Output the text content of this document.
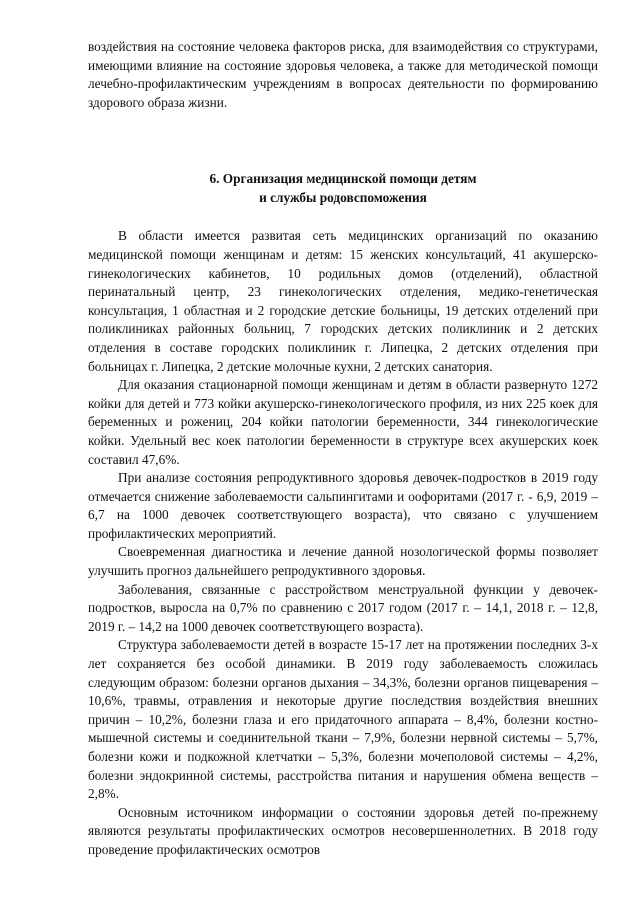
воздействия на состояние человека факторов риска, для взаимодействия со структурами, имеющими влияние на состояние здоровья человека, а также для методической помощи лечебно-профилактическим учреждениям в вопросах деятельности по формированию здорового образа жизни.

6. Организация медицинской помощи детям
и службы родовспоможения

В области имеется развитая сеть медицинских организаций по оказанию медицинской помощи женщинам и детям: 15 женских консультаций, 41 акушерско-гинекологических кабинетов, 10 родильных домов (отделений), областной перинатальный центр, 23 гинекологических отделения, медико-генетическая консультация, 1 областная и 2 городские детские больницы, 19 детских отделений при поликлиниках районных больниц, 7 городских детских поликлиник и 2 детских отделения в составе городских поликлиник г. Липецка, 2 детских отделения при больницах г. Липецка, 2 детские молочные кухни, 2 детских санатория.

Для оказания стационарной помощи женщинам и детям в области развернуто 1272 койки для детей и 773 койки акушерско-гинекологического профиля, из них 225 коек для беременных и рожениц, 204 койки патологии беременности, 344 гинекологические койки. Удельный вес коек патологии беременности в структуре всех акушерских коек составил 47,6%.

При анализе состояния репродуктивного здоровья девочек-подростков в 2019 году отмечается снижение заболеваемости сальпингитами и оофоритами (2017 г. - 6,9, 2019 – 6,7 на 1000 девочек соответствующего возраста), что связано с улучшением профилактических мероприятий.

Своевременная диагностика и лечение данной нозологической формы позволяет улучшить прогноз дальнейшего репродуктивного здоровья.

Заболевания, связанные с расстройством менструальной функции у девочек-подростков, выросла на 0,7% по сравнению с 2017 годом (2017 г. – 14,1, 2018 г. – 12,8, 2019 г. – 14,2 на 1000 девочек соответствующего возраста).

Структура заболеваемости детей в возрасте 15-17 лет на протяжении последних 3-х лет сохраняется без особой динамики. В 2019 году заболеваемость сложилась следующим образом: болезни органов дыхания – 34,3%, болезни органов пищеварения – 10,6%, травмы, отравления и некоторые другие последствия воздействия внешних причин – 10,2%, болезни глаза и его придаточного аппарата – 8,4%, болезни костно-мышечной системы и соединительной ткани – 7,9%, болезни нервной системы – 5,7%, болезни кожи и подкожной клетчатки – 5,3%, болезни мочеполовой системы – 4,2%, болезни эндокринной системы, расстройства питания и нарушения обмена веществ – 2,8%.

Основным источником информации о состоянии здоровья детей по-прежнему являются результаты профилактических осмотров несовершеннолетних. В 2018 году проведение профилактических осмотров
